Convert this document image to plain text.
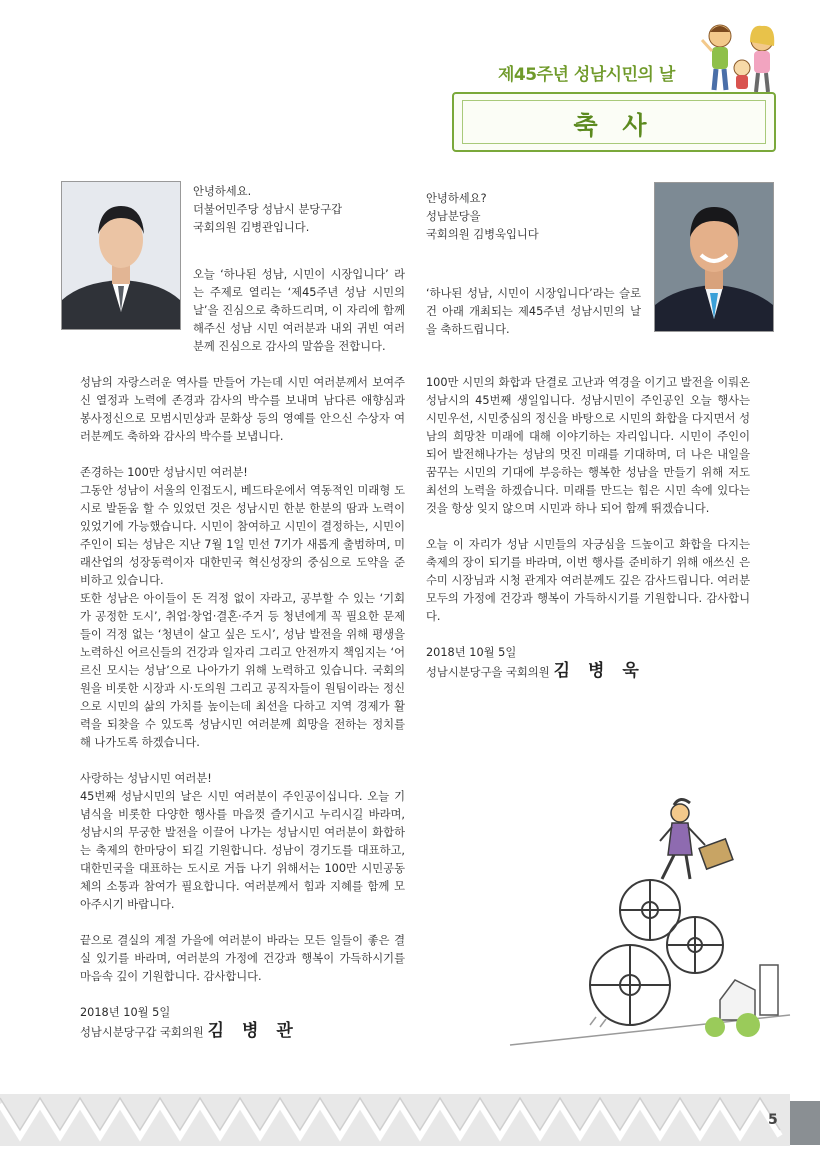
제45주년 성남시민의 날
축 사

안녕하세요.

더불어민주당 성남시 분당구갑

국회의원 김병관입니다.

오늘 ‘하나된 성남, 시민이 시장입니다’ 라는 주제로 열리는 ‘제45주년 성남 시민의 날’을 진심으로 축하드리며, 이 자리에 함께 해주신 성남 시민 여러분과 내외 귀빈 여러분께 진심으로 감사의 말씀을 전합니다.

성남의 자랑스러운 역사를 만들어 가는데 시민 여러분께서 보여주신 열정과 노력에 존경과 감사의 박수를 보내며 남다른 애향심과 봉사정신으로 모범시민상과 문화상 등의 영예를 안으신 수상자 여러분께도 축하와 감사의 박수를 보냅니다.

존경하는 100만 성남시민 여러분!

그동안 성남이 서울의 인접도시, 베드타운에서 역동적인 미래형 도시로 발돋움 할 수 있었던 것은 성남시민 한분 한분의 땀과 노력이 있었기에 가능했습니다. 시민이 참여하고 시민이 결정하는, 시민이 주인이 되는 성남은 지난 7월 1일 민선 7기가 새롭게 출범하며, 미래산업의 성장동력이자 대한민국 혁신성장의 중심으로 도약을 준비하고 있습니다.

또한 성남은 아이들이 돈 걱정 없이 자라고, 공부할 수 있는 ‘기회가 공정한 도시’, 취업·창업·결혼·주거 등 청년에게 꼭 필요한 문제들이 걱정 없는 ‘청년이 살고 싶은 도시’, 성남 발전을 위해 평생을 노력하신 어르신들의 건강과 일자리 그리고 안전까지 책임지는 ‘어르신 모시는 성남’으로 나아가기 위해 노력하고 있습니다. 국회의원을 비롯한 시장과 시·도의원 그리고 공직자들이 원팀이라는 정신으로 시민의 삶의 가치를 높이는데 최선을 다하고 지역 경제가 활력을 되찾을 수 있도록 성남시민 여러분께 희망을 전하는 정치를 해 나가도록 하겠습니다.

사랑하는 성남시민 여러분!

45번째 성남시민의 날은 시민 여러분이 주인공이십니다. 오늘 기념식을 비롯한 다양한 행사를 마음껏 즐기시고 누리시길 바라며, 성남시의 무궁한 발전을 이끌어 나가는 성남시민 여러분이 화합하는 축제의 한마당이 되길 기원합니다. 성남이 경기도를 대표하고, 대한민국을 대표하는 도시로 거듭 나기 위해서는 100만 시민공동체의 소통과 참여가 필요합니다. 여러분께서 힘과 지혜를 함께 모아주시기 바랍니다.

끝으로 결실의 계절 가을에 여러분이 바라는 모든 일들이 좋은 결실 있기를 바라며, 여러분의 가정에 건강과 행복이 가득하시기를 마음속 깊이 기원합니다. 감사합니다.

2018년 10월 5일

성남시분당구갑 국회의원 김 병 관

안녕하세요?

성남분당을

국회의원 김병욱입니다

‘하나된 성남, 시민이 시장입니다’라는 슬로건 아래 개최되는 제45주년 성남시민의 날을 축하드립니다.

100만 시민의 화합과 단결로 고난과 역경을 이기고 발전을 이뤄온 성남시의 45번째 생일입니다. 성남시민이 주인공인 오늘 행사는 시민우선, 시민중심의 정신을 바탕으로 시민의 화합을 다지면서 성남의 희망찬 미래에 대해 이야기하는 자리입니다. 시민이 주인이 되어 발전해나가는 성남의 멋진 미래를 기대하며, 더 나은 내일을 꿈꾸는 시민의 기대에 부응하는 행복한 성남을 만들기 위해 저도 최선의 노력을 하겠습니다. 미래를 만드는 힘은 시민 속에 있다는 것을 항상 잊지 않으며 시민과 하나 되어 함께 뛰겠습니다.

오늘 이 자리가 성남 시민들의 자긍심을 드높이고 화합을 다지는 축제의 장이 되기를 바라며, 이번 행사를 준비하기 위해 애쓰신 은수미 시장님과 시청 관계자 여러분께도 깊은 감사드립니다. 여러분 모두의 가정에 건강과 행복이 가득하시기를 기원합니다. 감사합니다.

2018년 10월 5일

성남시분당구을 국회의원 김 병 욱

5
